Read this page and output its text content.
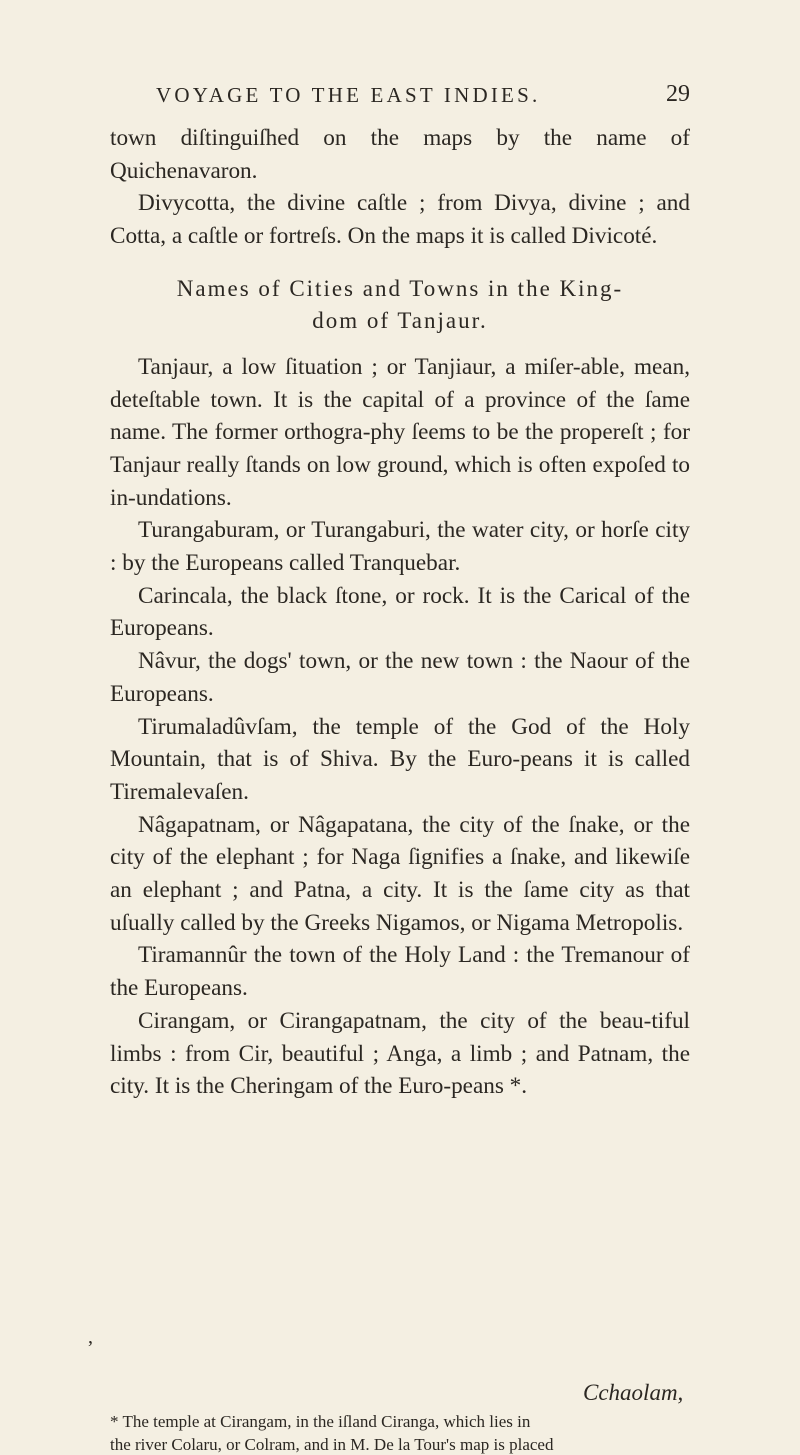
VOYAGE TO THE EAST INDIES.	29

town diſtinguiſhed on the maps by the name of Quichenavaron.

Divycotta, the divine caſtle ; from Divya, divine ; and Cotta, a caſtle or fortreſs. On the maps it is called Divicoté.

Names of Cities and Towns in the King-
dom of Tanjaur.

Tanjaur, a low ſituation ; or Tanjiaur, a miſer-able, mean, deteſtable town. It is the capital of a province of the ſame name. The former orthogra-phy ſeems to be the propereſt ; for Tanjaur really ſtands on low ground, which is often expoſed to in-undations.

Turangaburam, or Turangaburi, the water city, or horſe city : by the Europeans called Tranquebar.

Carincala, the black ſtone, or rock. It is the Carical of the Europeans.

Nâvur, the dogs' town, or the new town : the Naour of the Europeans.

Tirumaladûvſam, the temple of the God of the Holy Mountain, that is of Shiva. By the Euro-peans it is called Tiremalevaſen.

Nâgapatnam, or Nâgapatana, the city of the ſnake, or the city of the elephant ; for Naga ſignifies a ſnake, and likewiſe an elephant ; and Patna, a city. It is the ſame city as that uſually called by the Greeks Nigamos, or Nigama Metropolis.

Tiramannûr the town of the Holy Land : the Tremanour of the Europeans.

Cirangam, or Cirangapatnam, the city of the beau-tiful limbs : from Cir, beautiful ; Anga, a limb ; and Patnam, the city. It is the Cheringam of the Euro-peans *.

,
Cchaolam,
* The temple at Cirangam, in the iſland Ciranga, which lies in
the river Colaru, or Colram, and in M. De la Tour's map is placed
